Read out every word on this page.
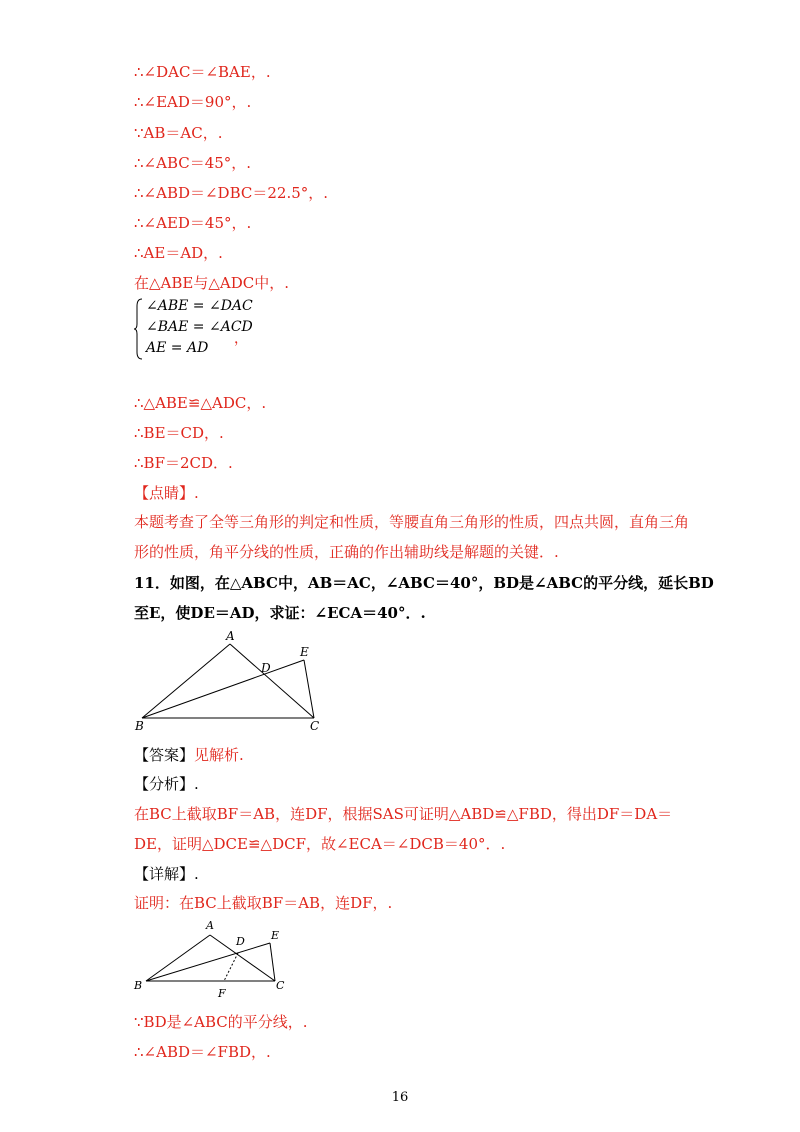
∴∠DAC＝∠BAE，.
∴∠EAD＝90°，.
∵AB＝AC，.
∴∠ABC＝45°，.
∴∠ABD＝∠DBC＝22.5°，.
∴∠AED＝45°，.
∴AE＝AD，.
在△ABE与△ADC中，.
∠ABE = ∠DAC
∠BAE = ∠ACD
AE = AD
，
∴△ABE≌△ADC，.
∴BE＝CD，.
∴BF＝2CD．.
【点睛】.
本题考查了全等三角形的判定和性质，等腰直角三角形的性质，四点共圆，直角三角
形的性质，角平分线的性质，正确的作出辅助线是解题的关键．.
11．如图，在△ABC中，AB＝AC，∠ABC＝40°，BD是∠ABC的平分线，延长BD
至E，使DE＝AD，求证：∠ECA＝40°．.
A
B	C
D
E
【答案】见解析.
【分析】.
在BC上截取BF＝AB，连DF，根据SAS可证明△ABD≌△FBD，得出DF＝DA＝
DE，证明△DCE≌△DCF，故∠ECA＝∠DCB＝40°．.
【详解】.
证明：在BC上截取BF＝AB，连DF，.
A
B	C
D E
F
∵BD是∠ABC的平分线，.
∴∠ABD＝∠FBD，.
16
